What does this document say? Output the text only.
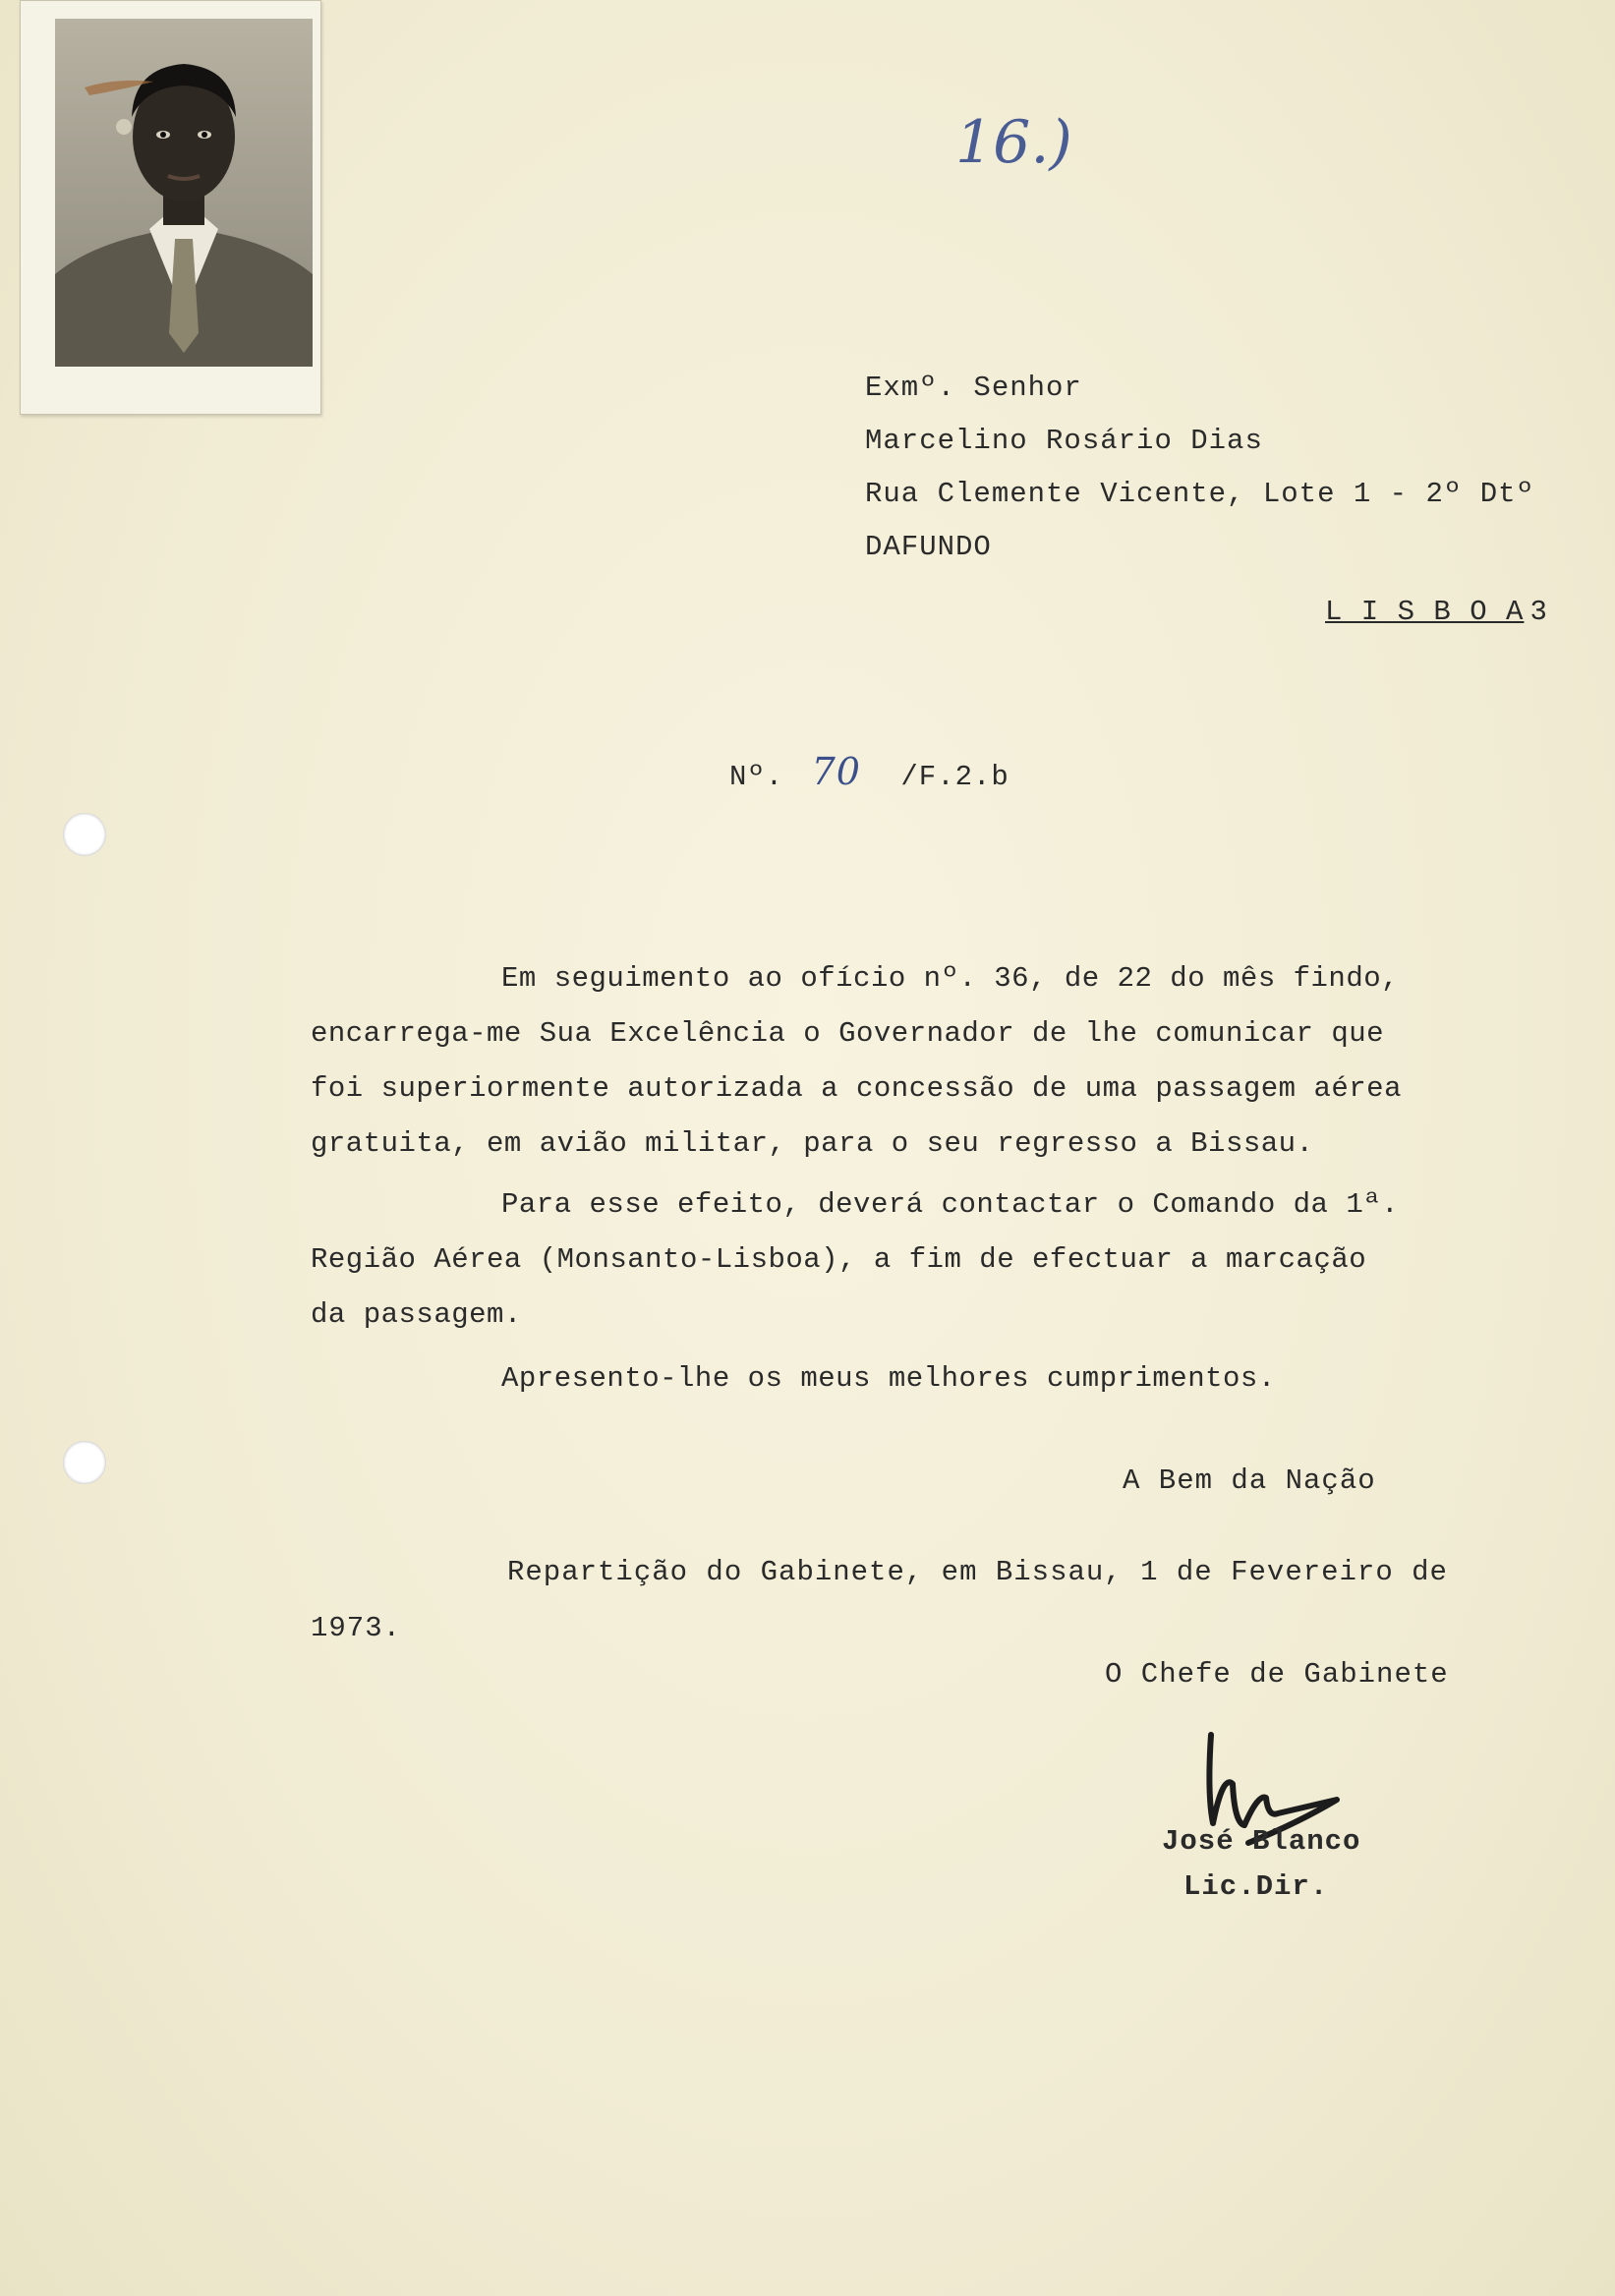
16.)
Exmº. Senhor
Marcelino Rosário Dias
Rua Clemente Vicente, Lote 1 - 2º Dtº
DAFUNDO
L I S B O A 3
Nº. 70 /F.2.b
Em seguimento ao ofício nº. 36, de 22 do mês findo,
encarrega-me Sua Excelência o Governador de lhe comunicar que
foi superiormente autorizada a concessão de uma passagem aérea
gratuita, em avião militar, para o seu regresso a Bissau.
Para esse efeito, deverá contactar o Comando da 1ª.
Região Aérea (Monsanto-Lisboa), a fim de efectuar a marcação
da passagem.
Apresento-lhe os meus melhores cumprimentos.
A Bem da Nação
Repartição do Gabinete, em Bissau, 1 de Fevereiro de
1973.
O Chefe de Gabinete
José Blanco
Lic.Dir.
